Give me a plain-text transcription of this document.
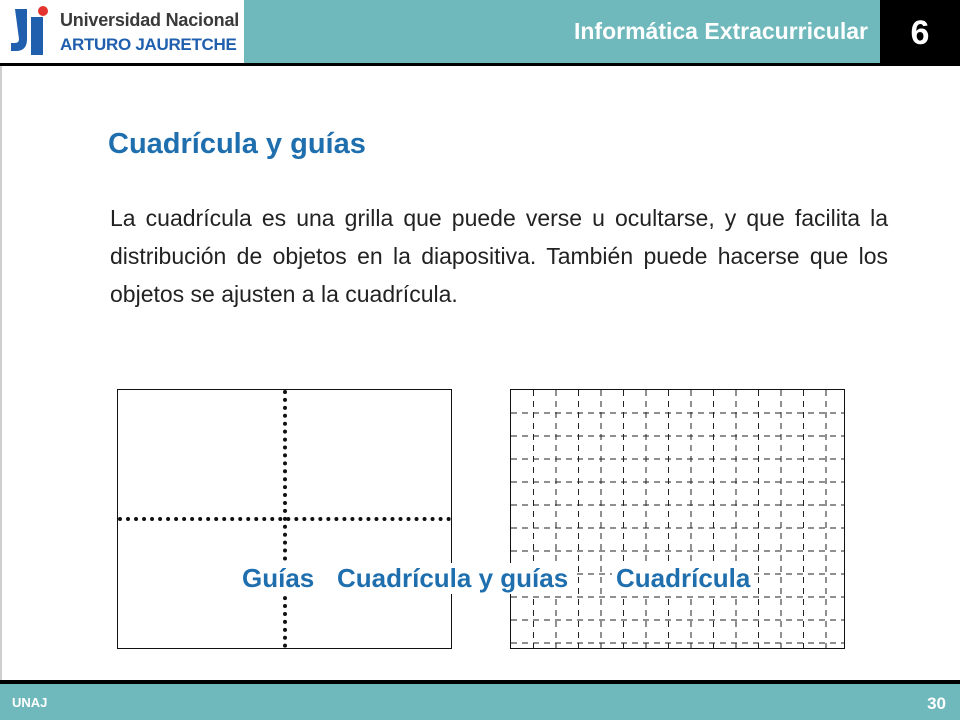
Universidad Nacional
ARTURO JAURETCHE
Informática Extracurricular	6
Cuadrícula y guías
La cuadrícula es una grilla que puede verse u ocultarse, y que facilita la distribución de objetos en la diapositiva. También puede hacerse que los objetos se ajusten a la cuadrícula.
Guías	Cuadrícula
Cuadrícula y guías
UNAJ	30
